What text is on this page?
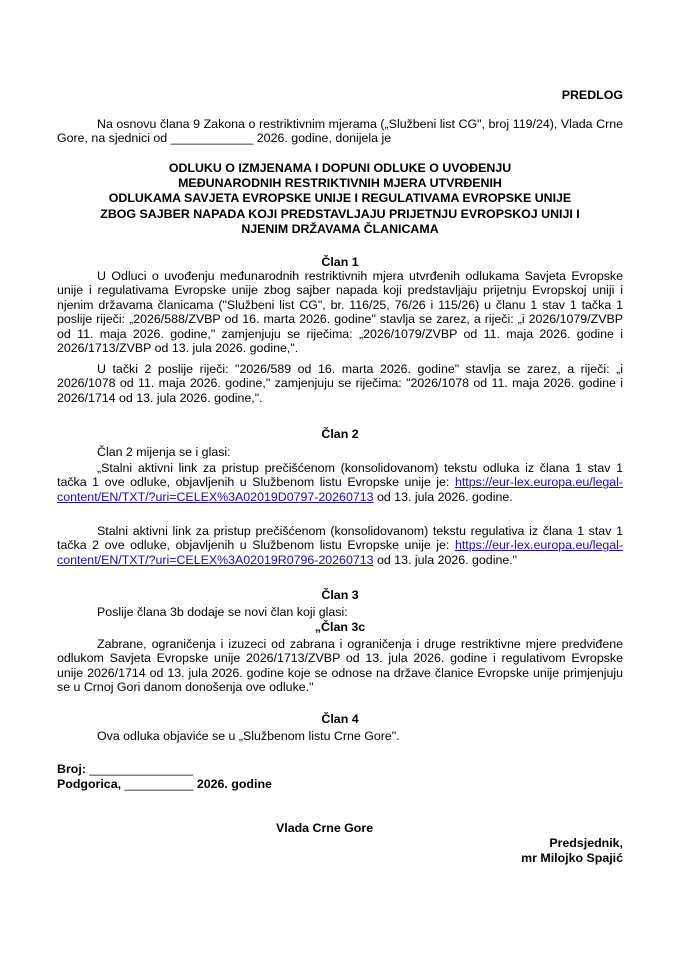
PREDLOG

Na osnovu člana 9 Zakona o restriktivnim mjerama („Službeni list CG", broj 119/24), Vlada Crne Gore, na sjednici od ____________ 2026. godine, donijela je

ODLUKU O IZMJENAMA I DOPUNI ODLUKE O UVOĐENJU
MEĐUNARODNIH RESTRIKTIVNIH MJERA UTVRĐENIH
ODLUKAMA SAVJETA EVROPSKE UNIJE I REGULATIVAMA EVROPSKE UNIJE
ZBOG SAJBER NAPADA KOJI PREDSTAVLJAJU PRIJETNJU EVROPSKOJ UNIJI I
NJENIM DRŽAVAMA ČLANICAMA
Član 1

U Odluci o uvođenju međunarodnih restriktivnih mjera utvrđenih odlukama Savjeta Evropske unije i regulativama Evropske unije zbog sajber napada koji predstavljaju prijetnju Evropskoj uniji i njenim državama članicama ("Službeni list CG", br. 116/25, 76/26 i 115/26) u članu 1 stav 1 tačka 1 poslije riječi: „2026/588/ZVBP od 16. marta 2026. godine" stavlja se zarez, a riječi: „i 2026/1079/ZVBP od 11. maja 2026. godine," zamjenjuju se riječima: „2026/1079/ZVBP od 11. maja 2026. godine i 2026/1713/ZVBP od 13. jula 2026. godine,".

U tački 2 poslije riječi: "2026/589 od 16. marta 2026. godine" stavlja se zarez, a riječi: „i 2026/1078 od 11. maja 2026. godine," zamjenjuju se riječima: "2026/1078 od 11. maja 2026. godine i 2026/1714 od 13. jula 2026. godine,".

Član 2

Član 2 mijenja se i glasi:

„Stalni aktivni link za pristup prečišćenom (konsolidovanom) tekstu odluka iz člana 1 stav 1 tačka 1 ove odluke, objavljenih u Službenom listu Evropske unije je: https://eur-lex.europa.eu/legal-content/EN/TXT/?uri=CELEX%3A02019D0797-20260713 od 13. jula 2026. godine.

Stalni aktivni link za pristup prečišćenom (konsolidovanom) tekstu regulativa iz člana 1 stav 1 tačka 2 ove odluke, objavljenih u Službenom listu Evropske unije je: https://eur-lex.europa.eu/legal-content/EN/TXT/?uri=CELEX%3A02019R0796-20260713 od 13. jula 2026. godine."

Član 3

Poslije člana 3b dodaje se novi član koji glasi:

„Član 3c

Zabrane, ograničenja i izuzeci od zabrana i ograničenja i druge restriktivne mjere predviđene odlukom Savjeta Evropske unije 2026/1713/ZVBP od 13. jula 2026. godine i regulativom Evropske unije 2026/1714 od 13. jula 2026. godine koje se odnose na države članice Evropske unije primjenjuju se u Crnoj Gori danom donošenja ove odluke."

Član 4

Ova odluka objaviće se u „Službenom listu Crne Gore".

Broj: _______________
Podgorica, __________ 2026. godine
Vlada Crne Gore
Predsjednik,
mr Milojko Spajić
